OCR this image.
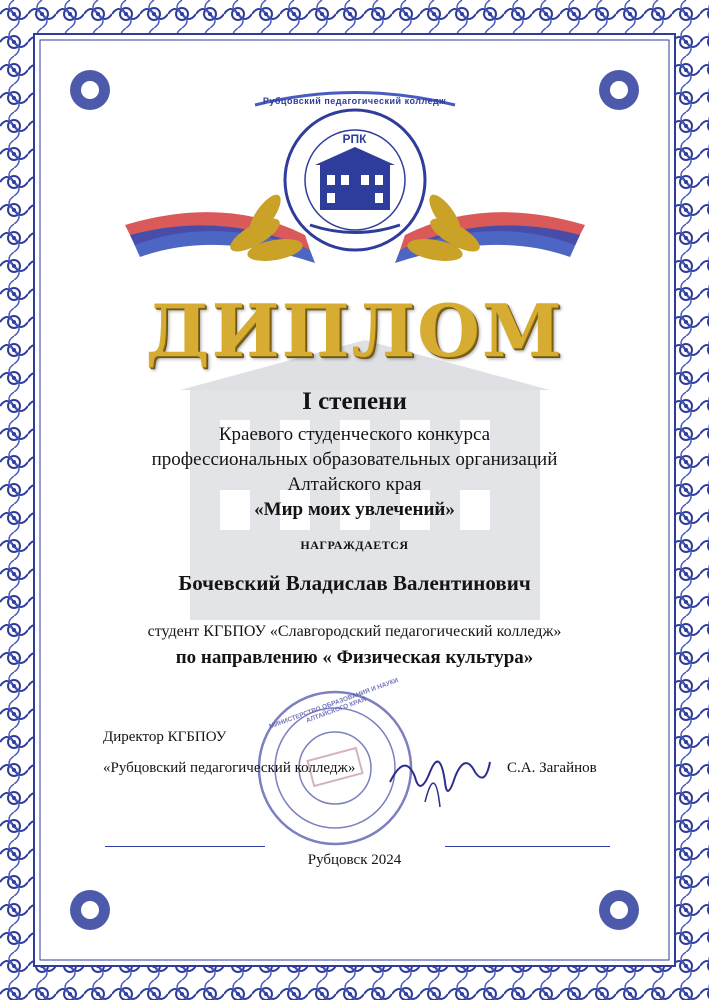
Рубцовский педагогический колледж
РПК
ДИПЛОМ
I степени
Краевого студенческого конкурса
профессиональных образовательных организаций
Алтайского края
«Мир моих увлечений»
НАГРАЖДАЕТСЯ
Бочевский Владислав Валентинович
студент КГБПОУ «Славгородский педагогический колледж»
по направлению « Физическая культура»
МИНИСТЕРСТВО ОБРАЗОВАНИЯ И НАУКИ АЛТАЙСКОГО КРАЯ
Директор КГБПОУ
«Рубцовский педагогический колледж»	С.А. Загайнов
Рубцовск 2024
